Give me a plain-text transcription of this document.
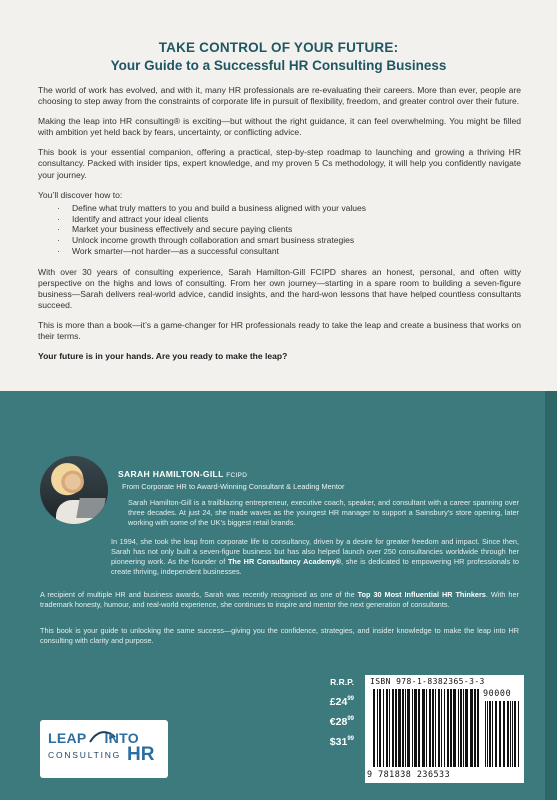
TAKE CONTROL OF YOUR FUTURE:
Your Guide to a Successful HR Consulting Business

The world of work has evolved, and with it, many HR professionals are re-evaluating their careers. More than ever, people are choosing to step away from the constraints of corporate life in pursuit of flexibility, freedom, and greater control over their future.

Making the leap into HR consulting® is exciting—but without the right guidance, it can feel overwhelming. You might be filled with ambition yet held back by fears, uncertainty, or conflicting advice.

This book is your essential companion, offering a practical, step-by-step roadmap to launching and growing a thriving HR consultancy. Packed with insider tips, expert knowledge, and my proven 5 Cs methodology, it will help you confidently navigate your journey.

You’ll discover how to:

· Define what truly matters to you and build a business aligned with your values
· Identify and attract your ideal clients
· Market your business effectively and secure paying clients
· Unlock income growth through collaboration and smart business strategies
· Work smarter—not harder—as a successful consultant

With over 30 years of consulting experience, Sarah Hamilton-Gill FCIPD shares an honest, personal, and often witty perspective on the highs and lows of consulting. From her own journey—starting in a spare room to building a seven-figure business—Sarah delivers real-world advice, candid insights, and the hard-won lessons that have helped countless consultants succeed.

This is more than a book—it’s a game-changer for HR professionals ready to take the leap and create a business that works on their terms.

Your future is in your hands. Are you ready to make the leap?

SARAH HAMILTON-GILL FCIPD
From Corporate HR to Award-Winning Consultant & Leading Mentor
Sarah Hamilton-Gill is a trailblazing entrepreneur, executive coach, speaker, and consultant with a career spanning over three decades. At just 24, she made waves as the youngest HR manager to support a Sainsbury’s store opening, later working with some of the UK’s biggest retail brands.
In 1994, she took the leap from corporate life to consultancy, driven by a desire for greater freedom and impact. Since then, Sarah has not only built a seven-figure business but has also helped launch over 250 consultancies worldwide through her pioneering work. As the founder of The HR Consultancy Academy®, she is dedicated to empowering HR professionals to create thriving, independent businesses.
A recipient of multiple HR and business awards, Sarah was recently recognised as one of the Top 30 Most Influential HR Thinkers. With her trademark honesty, humour, and real-world experience, she continues to inspire and mentor the next generation of consultants.
This book is your guide to unlocking the same success—giving you the confidence, strategies, and insider knowledge to make the leap into HR consulting with clarity and purpose.
R.R.P.
$£24^{99}$
$€28^{99}$
$\$31^{99}$
ISBN 978-1-8382365-3-3
9 781838 236533
90000
LEAP INTO
CONSULTING HR
